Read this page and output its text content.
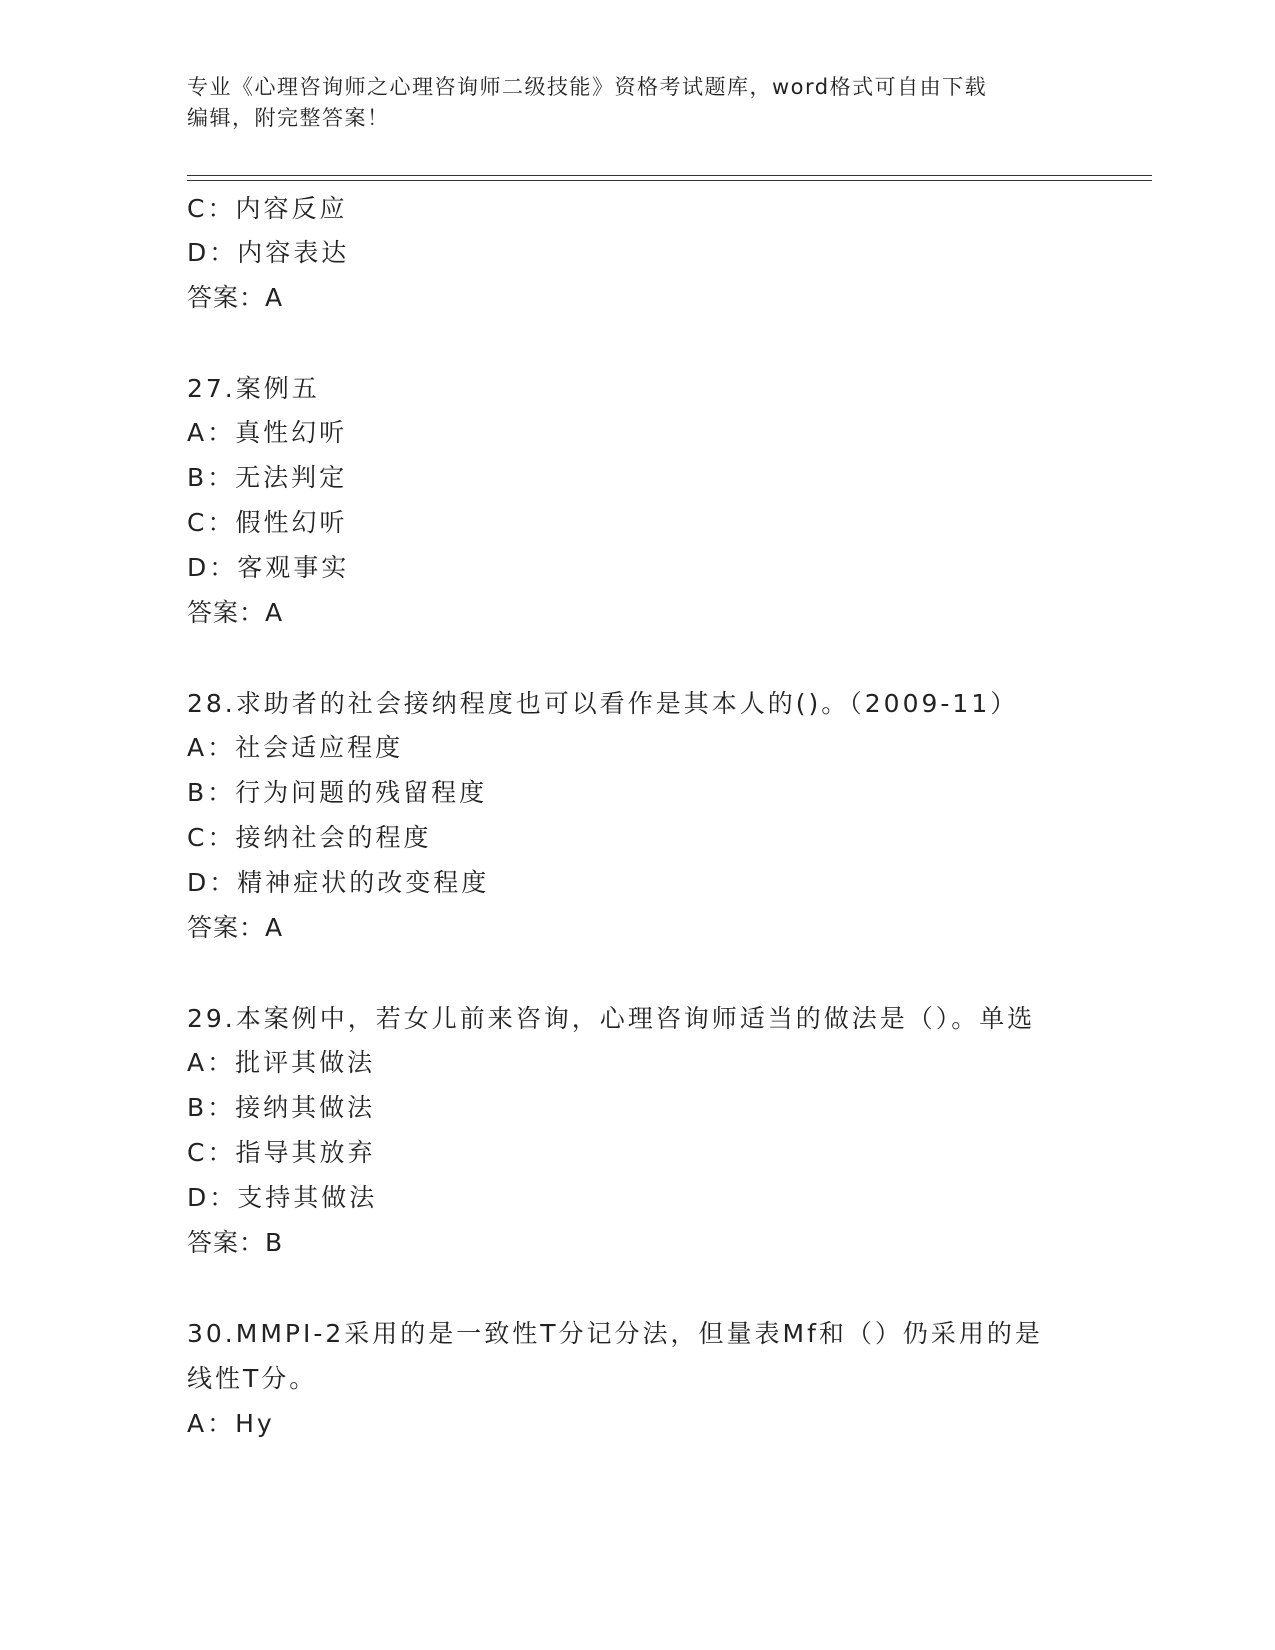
专业《心理咨询师之心理咨询师二级技能》资格考试题库，word格式可自由下载
编辑，附完整答案！
C：内容反应
D：内容表达
答案：A
27.案例五
A：真性幻听
B：无法判定
C：假性幻听
D：客观事实
答案：A
28.求助者的社会接纳程度也可以看作是其本人的()。（2009-11）
A：社会适应程度
B：行为问题的残留程度
C：接纳社会的程度
D：精神症状的改变程度
答案：A
29.本案例中，若女儿前来咨询，心理咨询师适当的做法是（）。单选
A：批评其做法
B：接纳其做法
C：指导其放弃
D：支持其做法
答案：B
30.MMPI-2采用的是一致性T分记分法，但量表Mf和（）仍采用的是
线性T分。
A：Hy
